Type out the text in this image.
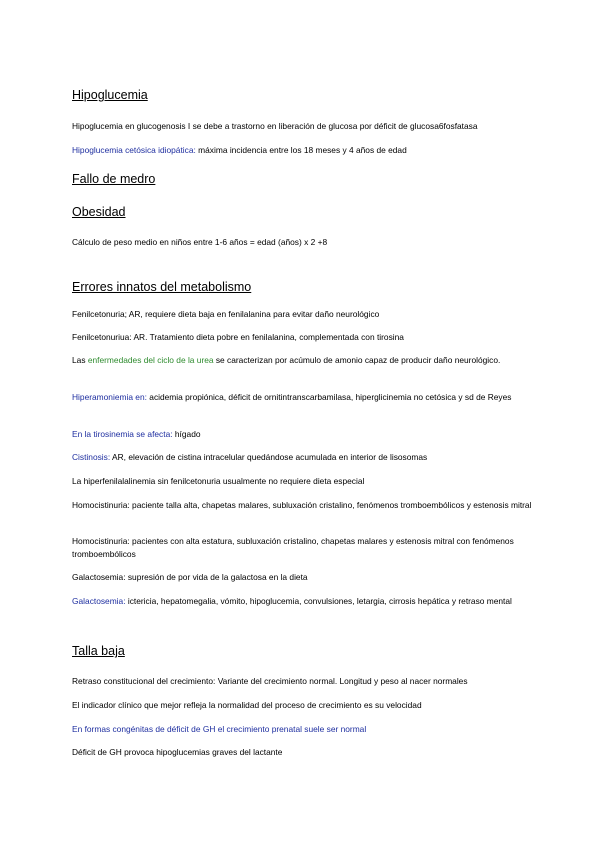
Hipoglucemia
Hipoglucemia en glucogenosis I se debe a trastorno en liberación de glucosa por déficit de glucosa6fosfatasa
Hipoglucemia cetósica idiopática: máxima incidencia entre los 18 meses y 4 años de edad
Fallo de medro
Obesidad
Cálculo de peso medio en niños entre 1-6 años = edad (años) x 2 +8
Errores innatos del metabolismo
Fenilcetonuria; AR, requiere dieta baja en fenilalanina para evitar daño neurológico
Fenilcetonuriua: AR. Tratamiento dieta pobre en fenilalanina, complementada con tirosina
Las enfermedades del ciclo de la urea se caracterizan por acúmulo de amonio capaz de producir daño neurológico.
Hiperamoniemia en: acidemia propiónica, déficit de ornitintranscarbamilasa, hiperglicinemia no cetósica y sd de Reyes
En la tirosinemia se afecta: hígado
Cistinosis: AR, elevación de cistina intracelular quedándose acumulada en interior de lisosomas
La hiperfenilalalinemia sin fenilcetonuria usualmente no requiere dieta especial
Homocistinuria: paciente talla alta, chapetas malares, subluxación cristalino, fenómenos tromboembólicos y estenosis mitral
Homocistinuria: pacientes con alta estatura, subluxación cristalino, chapetas malares y estenosis mitral con fenómenos tromboembólicos
Galactosemia: supresión de por vida de la galactosa en la dieta
Galactosemia: ictericia, hepatomegalia, vómito, hipoglucemia, convulsiones, letargia, cirrosis hepática y retraso mental
Talla baja
Retraso constitucional del crecimiento: Variante del crecimiento normal. Longitud y peso al nacer normales
El indicador clínico que mejor refleja la normalidad del proceso de crecimiento es su velocidad
En formas congénitas de déficit de GH el crecimiento prenatal suele ser normal
Déficit de GH provoca hipoglucemias graves del lactante
